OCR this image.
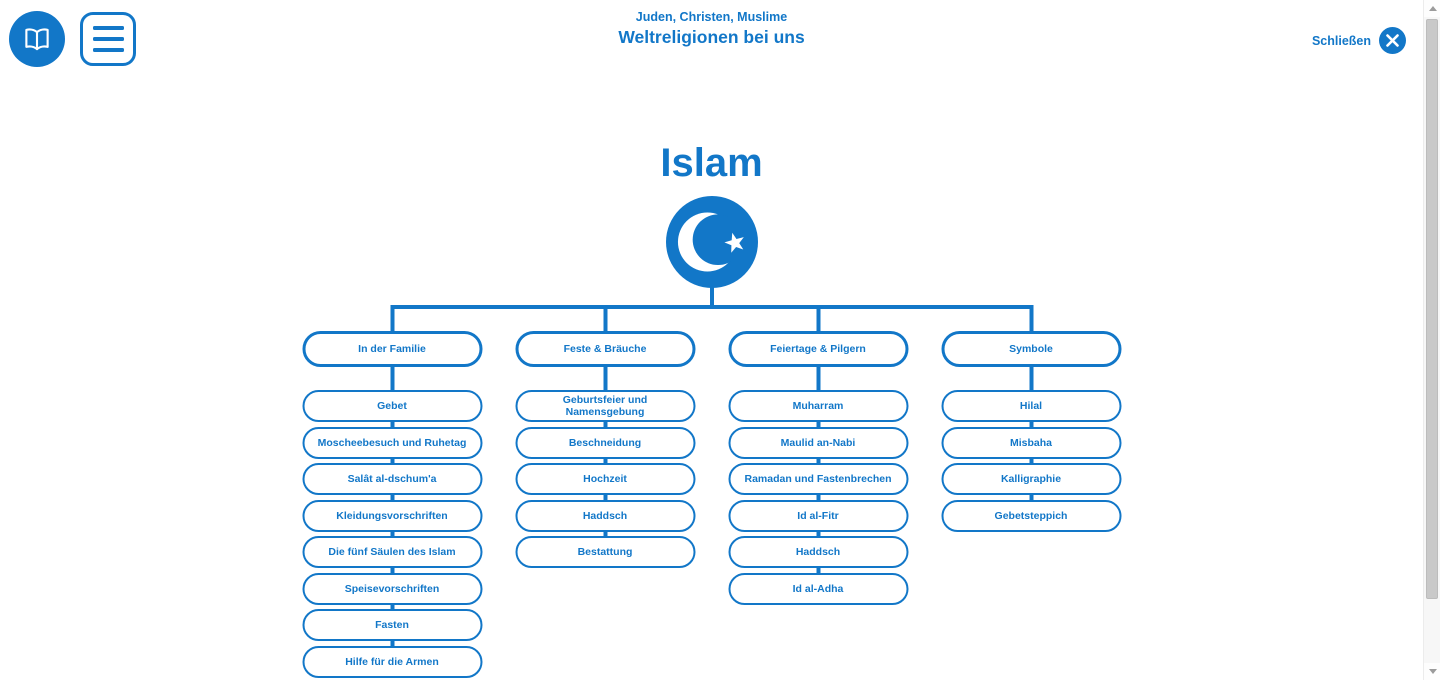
Juden, Christen, Muslime
Weltreligionen bei uns	Schließen
Islam
In der Familie
Gebet
Moscheebesuch und Ruhetag
Salât al-dschum'a
Kleidungsvorschriften
Die fünf Säulen des Islam
Speisevorschriften
Fasten
Hilfe für die Armen
Feste & Bräuche
Geburtsfeier und Namensgebung
Beschneidung
Hochzeit
Haddsch
Bestattung
Feiertage & Pilgern
Muharram
Maulid an-Nabi
Ramadan und Fastenbrechen
Id al-Fitr
Haddsch
Id al-Adha
Symbole
Hilal
Misbaha
Kalligraphie
Gebetsteppich
